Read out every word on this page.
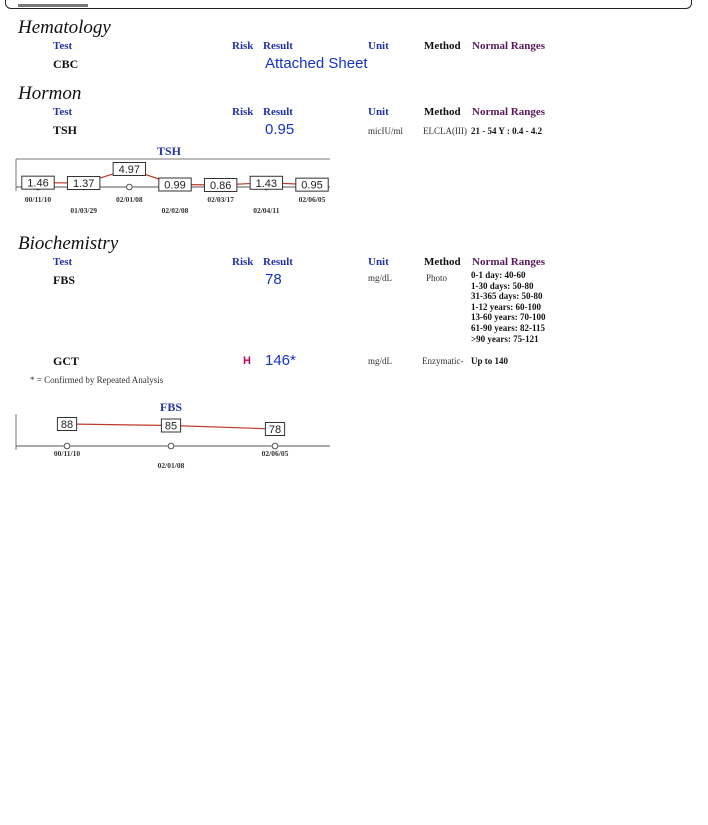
Hematology
Test	Risk Result	Unit	Method Normal Ranges
CBC	Attached Sheet
Hormon
Test	Risk Result	Unit	Method Normal Ranges
TSH	0.95	micIU/ml ELCLA(III) 21 - 54 Y : 0.4 - 4.2
TSH
1.46
00/11/10
1.37
01/03/29
4.97
02/01/08
0.99
02/02/08
0.86
02/03/17
1.43
02/04/11
0.95
02/06/05
Biochemistry
Test	Risk Result	Unit	Method Normal Ranges
FBS	78	mg/dL	Photo	0-1 day: 40-60
1-30 days: 50-80
31-365 days: 50-80
1-12 years: 60-100
13-60 years: 70-100
61-90 years: 82-115
>90 years: 75-121
GCT	H 146*	mg/dL	Enzymatic- Up to 140
* = Confirmed by Repeated Analysis
FBS
88
00/11/10
85
02/01/08
78
02/06/05
